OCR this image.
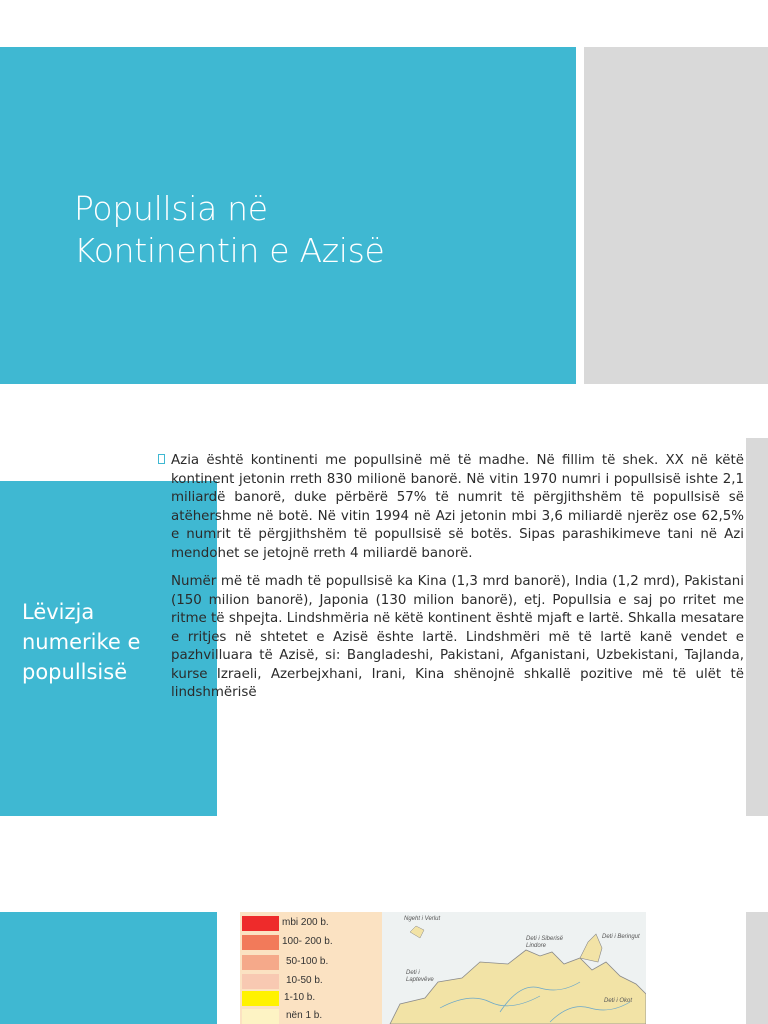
Popullsia në
Kontinentin e Azisë
Lëvizja
numerike e
popullsisë

Azia është kontinenti me popullsinë më të madhe. Në fillim të shek. XX në këtë kontinent jetonin rreth 830 milionë banorë. Në vitin 1970 numri i popullsisë ishte 2,1 miliardë banorë, duke përbërë 57% të numrit të përgjithshëm të popullsisë së atëhershme në botë. Në vitin 1994 në Azi jetonin mbi 3,6 miliardë njerëz ose 62,5% e numrit të përgjithshëm të popullsisë së botës. Sipas parashikimeve tani në Azi mendohet se jetojnë rreth 4 miliardë banorë.

Numër më të madh të popullsisë ka Kina (1,3 mrd banorë), India (1,2 mrd), Pakistani (150 milion banorë), Japonia (130 milion banorë), etj. Popullsia e saj po rritet me ritme të shpejta. Lindshmëria në këtë kontinent është mjaft e lartë. Shkalla mesatare e rritjes në shtetet e Azisë ështe lartë. Lindshmëri më të lartë kanë vendet e pazhvilluara të Azisë, si: Bangladeshi, Pakistani, Afganistani, Uzbekistani, Tajlanda, kurse Izraeli, Azerbejxhani, Irani, Kina shënojnë shkallë pozitive më të ulët të lindshmërisë

mbi 200 b.
100- 200 b.
50-100 b.
10-50 b.
1-10 b.
nën 1 b.
Ngeht i Verlut
Deti i Siberisë Lindore
Deti i Beringut
Deti i Okot
Deti i Laptevëve
